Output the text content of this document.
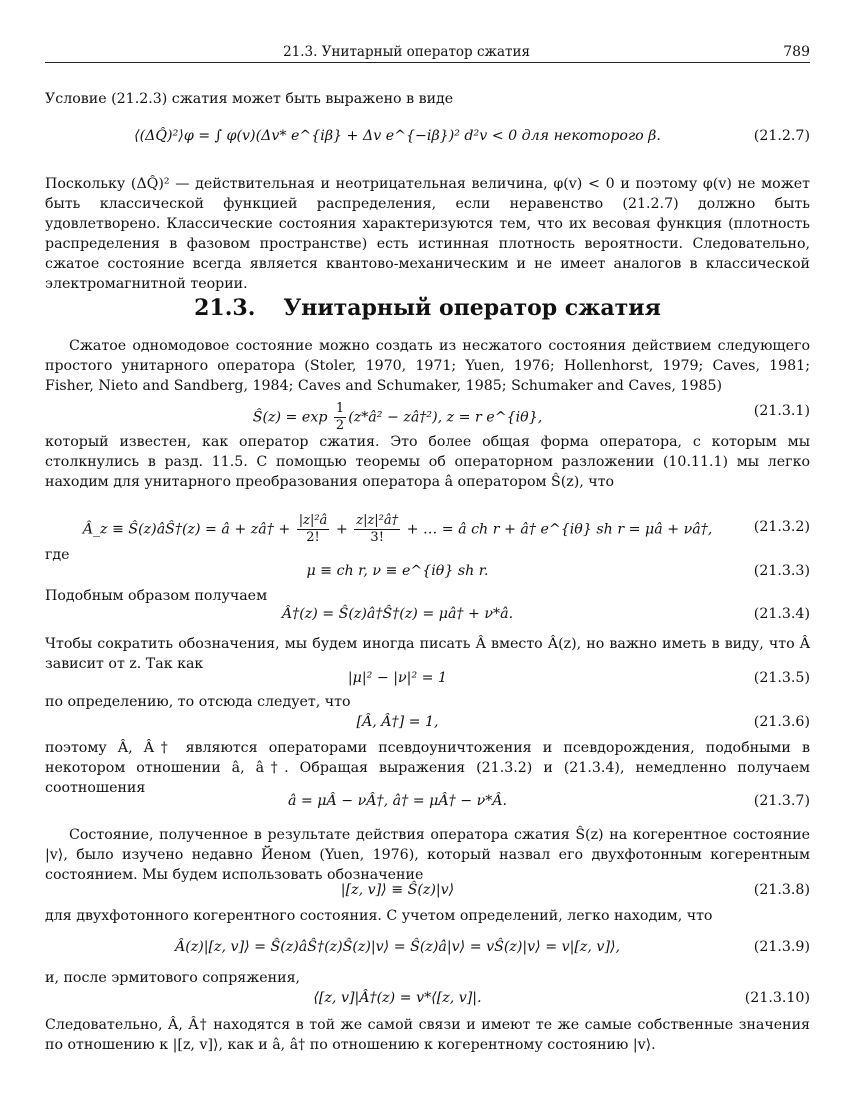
21.3. Унитарный оператор сжатия	789
Условие (21.2.3) сжатия может быть выражено в виде
⟨(ΔQ̂)²⟩φ = ∫ φ(v)(Δv* e^{iβ} + Δv e^{−iβ})² d²v < 0 для некоторого β.	(21.2.7)
Поскольку (ΔQ̂)² — действительная и неотрицательная величина, φ(v) < 0 и поэтому φ(v) не может быть классической функцией распределения, если неравенство (21.2.7) должно быть удовлетворено. Классические состояния характеризуются тем, что их весовая функция (плотность распределения в фазовом пространстве) есть истинная плотность вероятности. Следовательно, сжатое состояние всегда является квантово-механическим и не имеет аналогов в классической электромагнитной теории.
21.3. Унитарный оператор сжатия
Сжатое одномодовое состояние можно создать из несжатого состояния действием следующего простого унитарного оператора (Stoler, 1970, 1971; Yuen, 1976; Hollenhorst, 1979; Caves, 1981; Fisher, Nieto and Sandberg, 1984; Caves and Schumaker, 1985; Schumaker and Caves, 1985)
Ŝ(z) = $\exp \frac{1}{2}$ (z*â² − zâ†²), z = r e^{iθ},	(21.3.1)
который известен, как оператор сжатия. Это более общая форма оператора, с которым мы столкнулись в разд. 11.5. С помощью теоремы об операторном разложении (10.11.1) мы легко находим для унитарного преобразования оператора â оператором Ŝ(z), что
Â_z ≡ Ŝ(z)âŜ†(z) = â + zâ† + $\frac{\text{|z|²â}}{2!} + \frac{\text{z|z|²â†}}{3!}$ + … = â ch r + â† e^{iθ} sh r = μâ + νâ†,	(21.3.2)
где
μ ≡ ch r, ν ≡ e^{iθ} sh r.	(21.3.3)
Подобным образом получаем
Â†(z) = Ŝ(z)â†Ŝ†(z) = μâ† + ν*â.	(21.3.4)
Чтобы сократить обозначения, мы будем иногда писать Â вместо Â(z), но важно иметь в виду, что Â зависит от z. Так как
|μ|² − |ν|² = 1	(21.3.5)
по определению, то отсюда следует, что
[Â, Â†] = 1,	(21.3.6)
поэтому Â, Â† являются операторами псевдоуничтожения и псевдорождения, подобными в некотором отношении â, â†. Обращая выражения (21.3.2) и (21.3.4), немедленно получаем соотношения
â = μÂ − νÂ†, â† = μÂ† − ν*Â.	(21.3.7)
Состояние, полученное в результате действия оператора сжатия Ŝ(z) на когерентное состояние |v⟩, было изучено недавно Йеном (Yuen, 1976), который назвал его двухфотонным когерентным состоянием. Мы будем использовать обозначение
|[z, v]⟩ ≡ Ŝ(z)|v⟩	(21.3.8)
для двухфотонного когерентного состояния. С учетом определений, легко находим, что
Â(z)|[z, v]⟩ = Ŝ(z)âŜ†(z)Ŝ(z)|v⟩ = Ŝ(z)â|v⟩ = vŜ(z)|v⟩ = v|[z, v]⟩,	(21.3.9)
и, после эрмитового сопряжения,
⟨[z, v]|Â†(z) = v*⟨[z, v]|.	(21.3.10)
Следовательно, Â, Â† находятся в той же самой связи и имеют те же самые собственные значения по отношению к |[z, v]⟩, как и â, â† по отношению к когерентному состоянию |v⟩.
